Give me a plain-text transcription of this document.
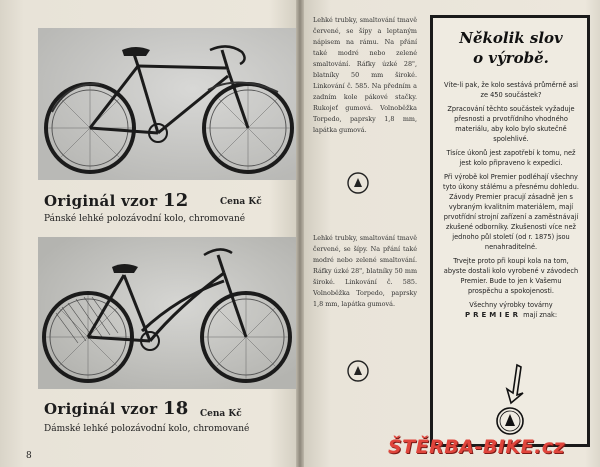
Originál vzor 12	Cena Kč
Pánské lehké polozávodní kolo, chromované
Originál vzor 18 Cena Kč
Dámské lehké polozávodní kolo, chromované
8
Lehké trubky, smaltování tmavě červené, se šípy a leptaným nápisem na rámu. Na přání také modré nebo zelené smaltování. Ráfky úzké 28", blatníky 50 mm široké. Linkování č. 585. Na předním a zadním kole pákové stačky. Rukojeť gumová. Volnoběžka Torpedo, paprsky 1,8 mm, lapátka gumová.
Lehké trubky, smaltování tmavě červené, se šípy. Na přání také modré nebo zelené smaltování. Ráfky úzké 28", blatníky 50 mm široké. Linkování č. 585. Volnoběžka Torpedo, paprsky 1,8 mm, lapátka gumová.
Několik slov
o výrobě.

Víte-li pak, že kolo sestává průměrně asi ze 450 součástek?

Zpracování těchto součástek vyžaduje přesnosti a prvotřídního vhodného materiálu, aby kolo bylo skutečně spolehlivé.

Tisíce úkonů jest zapotřebí k tomu, než jest kolo připraveno k expedici.

Při výrobě kol Premier podléhají všechny tyto úkony stálému a přesnému dohledu. Závody Premier pracují zásadně jen s vybraným kvalitním materiálem, mají prvotřídní strojní zařízení a zaměstnávají zkušené odborníky. Zkušenosti více než jednoho půl století (od r. 1875) jsou nenahraditelné.

Trvejte proto při koupi kola na tom, abyste dostali kolo vyrobené v závodech Premier. Bude to jen k Vašemu prospěchu a spokojenosti.

Všechny výrobky továrny

PREMIER mají znak:

ŠTĚRBA-BIKE.cz
